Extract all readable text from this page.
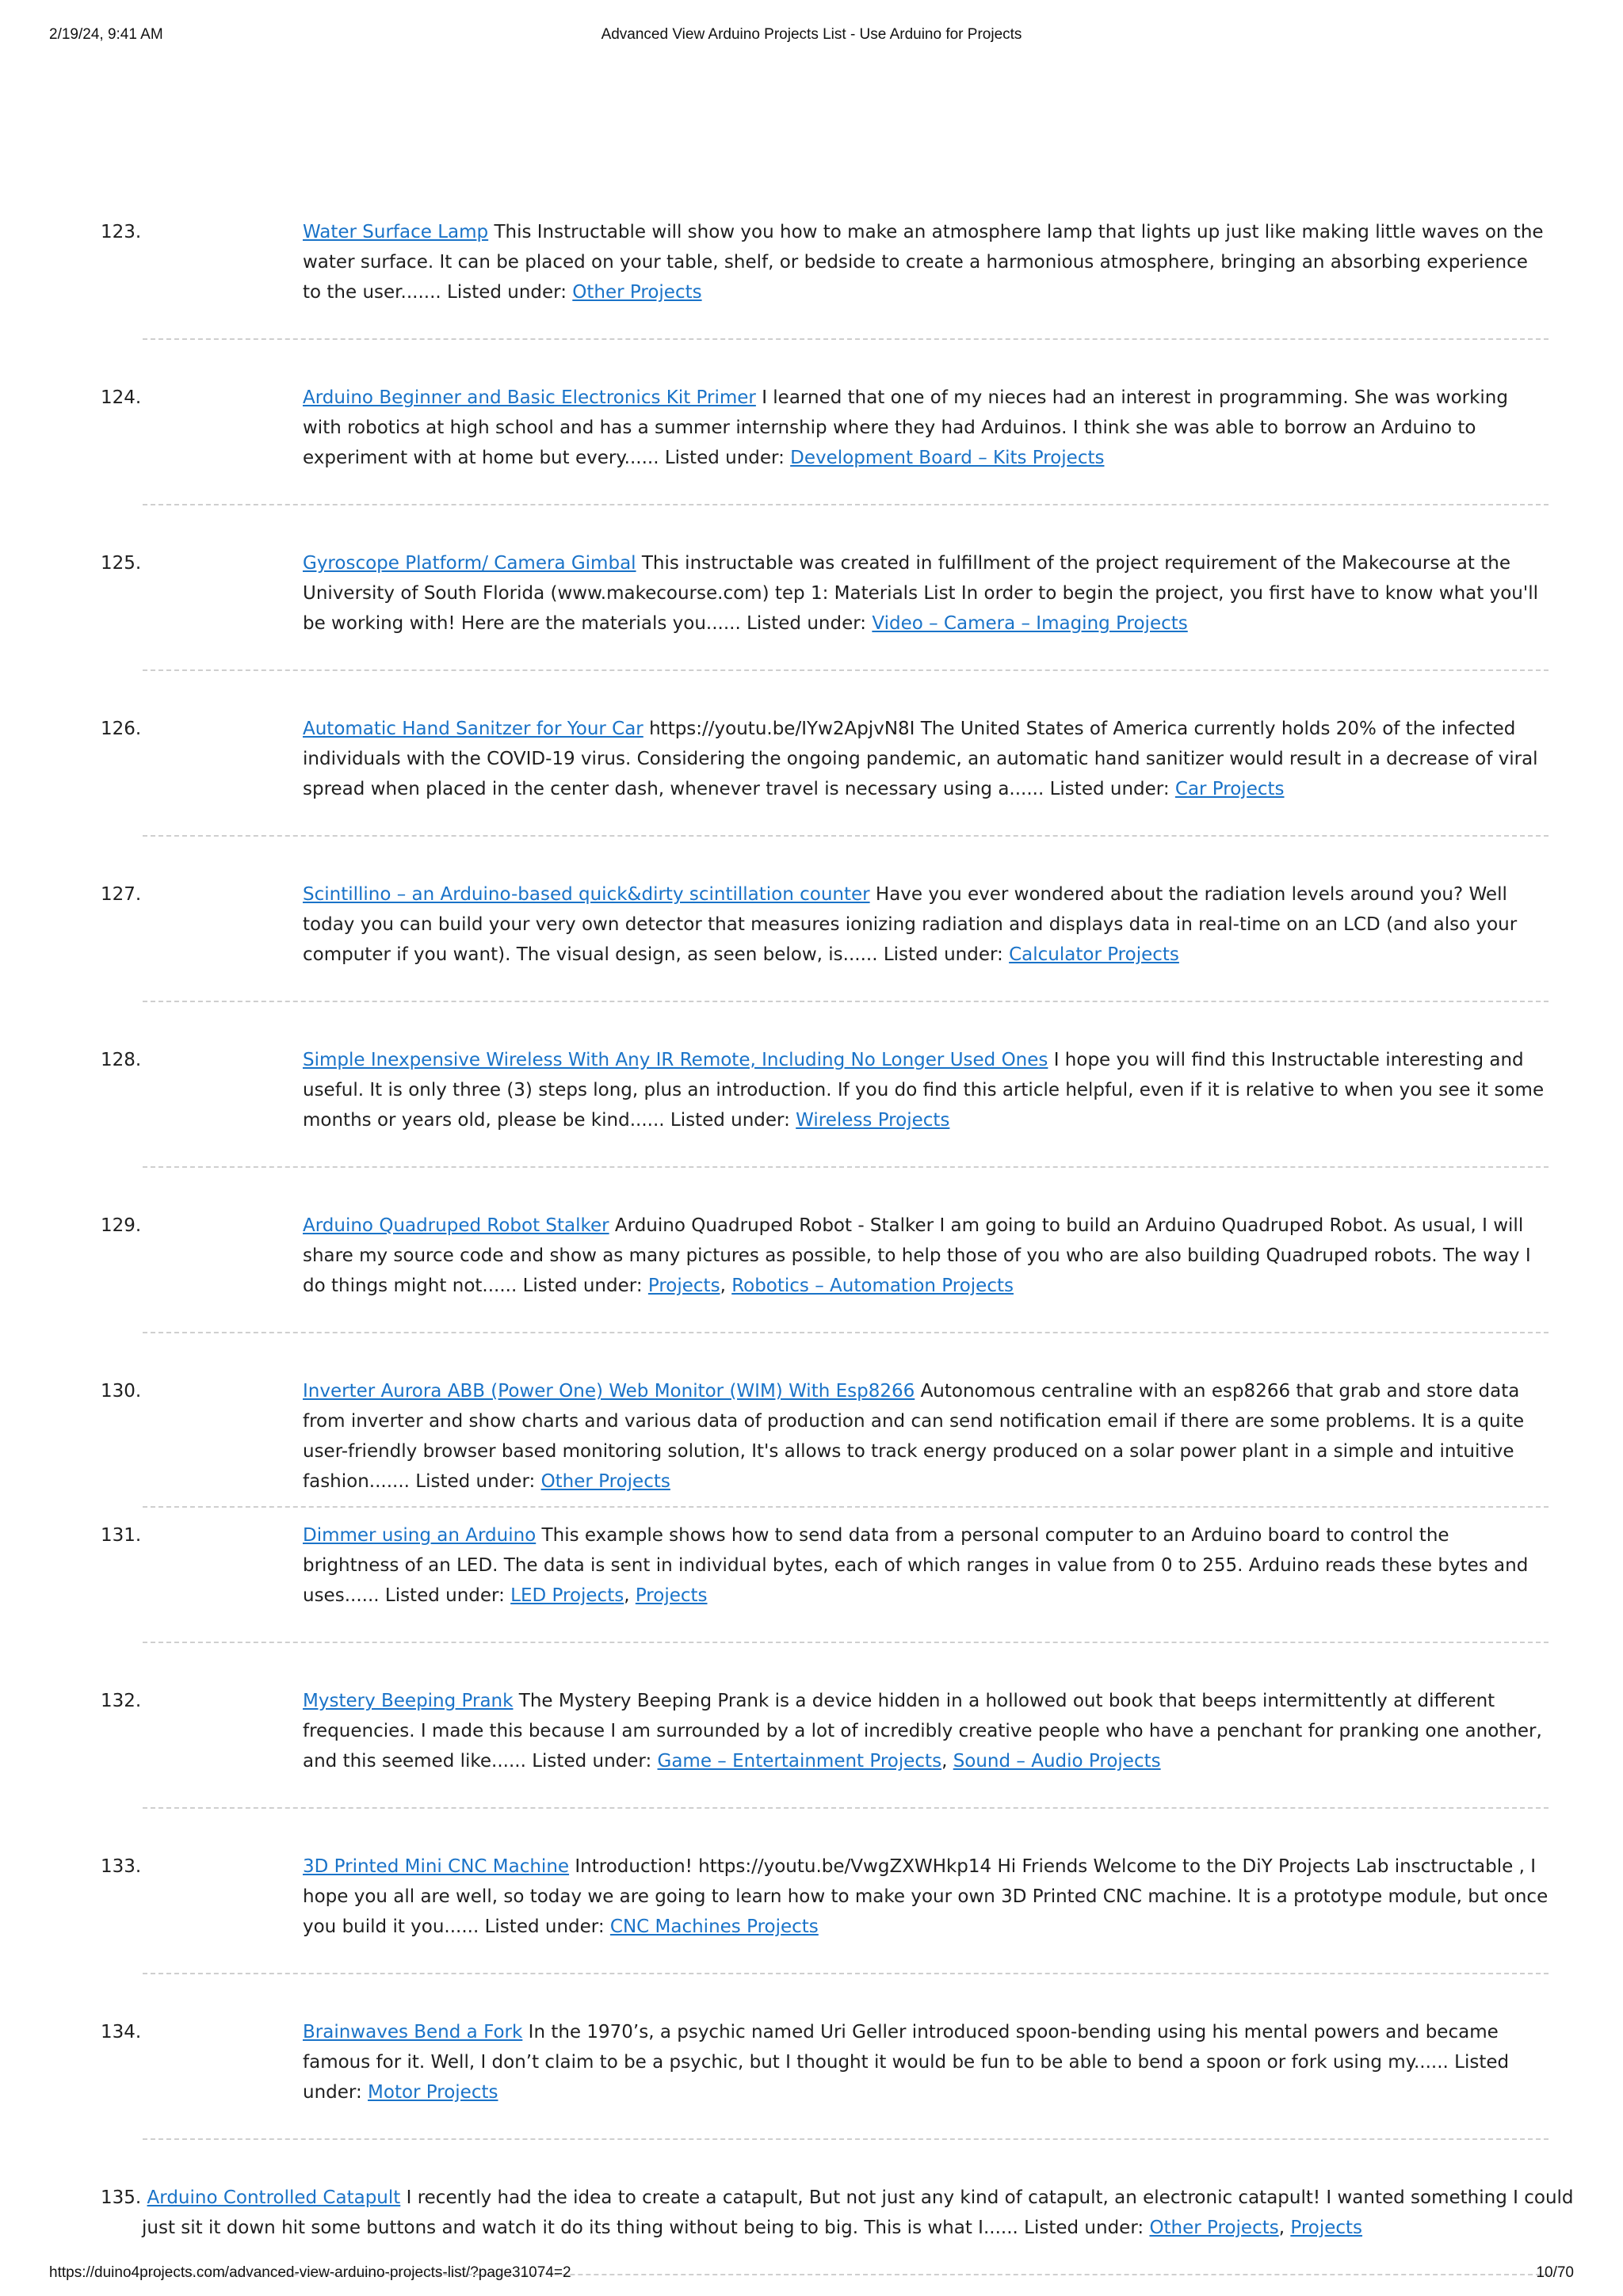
2/19/24, 9:41 AM	Advanced View Arduino Projects List - Use Arduino for Projects
123.	Water Surface Lamp This Instructable will show you how to make an atmosphere lamp that lights up just like making little waves on the water surface. It can be placed on your table, shelf, or bedside to create a harmonious atmosphere, bringing an absorbing experience to the user....... Listed under: Other Projects
124.	Arduino Beginner and Basic Electronics Kit Primer I learned that one of my nieces had an interest in programming. She was working with robotics at high school and has a summer internship where they had Arduinos. I think she was able to borrow an Arduino to experiment with at home but every...... Listed under: Development Board – Kits Projects
125.	Gyroscope Platform/ Camera Gimbal This instructable was created in fulfillment of the project requirement of the Makecourse at the University of South Florida (www.makecourse.com) tep 1: Materials List In order to begin the project, you first have to know what you'll be working with! Here are the materials you...... Listed under: Video – Camera – Imaging Projects
126.	Automatic Hand Sanitzer for Your Car https://youtu.be/IYw2ApjvN8I The United States of America currently holds 20% of the infected individuals with the COVID-19 virus. Considering the ongoing pandemic, an automatic hand sanitizer would result in a decrease of viral spread when placed in the center dash, whenever travel is necessary using a...... Listed under: Car Projects
127.	Scintillino – an Arduino-based quick&dirty scintillation counter Have you ever wondered about the radiation levels around you? Well today you can build your very own detector that measures ionizing radiation and displays data in real-time on an LCD (and also your computer if you want). The visual design, as seen below, is...... Listed under: Calculator Projects
128.	Simple Inexpensive Wireless With Any IR Remote, Including No Longer Used Ones I hope you will find this Instructable interesting and useful. It is only three (3) steps long, plus an introduction. If you do find this article helpful, even if it is relative to when you see it some months or years old, please be kind...... Listed under: Wireless Projects
129.	Arduino Quadruped Robot Stalker Arduino Quadruped Robot - Stalker I am going to build an Arduino Quadruped Robot. As usual, I will share my source code and show as many pictures as possible, to help those of you who are also building Quadruped robots. The way I do things might not...... Listed under: Projects, Robotics – Automation Projects
130.	Inverter Aurora ABB (Power One) Web Monitor (WIM) With Esp8266 Autonomous centraline with an esp8266 that grab and store data from inverter and show charts and various data of production and can send notification email if there are some problems. It is a quite user-friendly browser based monitoring solution, It's allows to track energy produced on a solar power plant in a simple and intuitive fashion....... Listed under: Other Projects
131.	Dimmer using an Arduino This example shows how to send data from a personal computer to an Arduino board to control the brightness of an LED. The data is sent in individual bytes, each of which ranges in value from 0 to 255. Arduino reads these bytes and uses...... Listed under: LED Projects, Projects
132.	Mystery Beeping Prank The Mystery Beeping Prank is a device hidden in a hollowed out book that beeps intermittently at different frequencies. I made this because I am surrounded by a lot of incredibly creative people who have a penchant for pranking one another, and this seemed like...... Listed under: Game – Entertainment Projects, Sound – Audio Projects
133.	3D Printed Mini CNC Machine Introduction! https://youtu.be/VwgZXWHkp14 Hi Friends Welcome to the DiY Projects Lab insctructable , I hope you all are well, so today we are going to learn how to make your own 3D Printed CNC machine. It is a prototype module, but once you build it you...... Listed under: CNC Machines Projects
134.	Brainwaves Bend a Fork In the 1970’s, a psychic named Uri Geller introduced spoon-bending using his mental powers and became famous for it. Well, I don’t claim to be a psychic, but I thought it would be fun to be able to bend a spoon or fork using my...... Listed under: Motor Projects
135. Arduino Controlled Catapult I recently had the idea to create a catapult, But not just any kind of catapult, an electronic catapult! I wanted something I could just sit it down hit some buttons and watch it do its thing without being to big. This is what I...... Listed under: Other Projects, Projects
https://duino4projects.com/advanced-view-arduino-projects-list/?page31074=2	10/70
